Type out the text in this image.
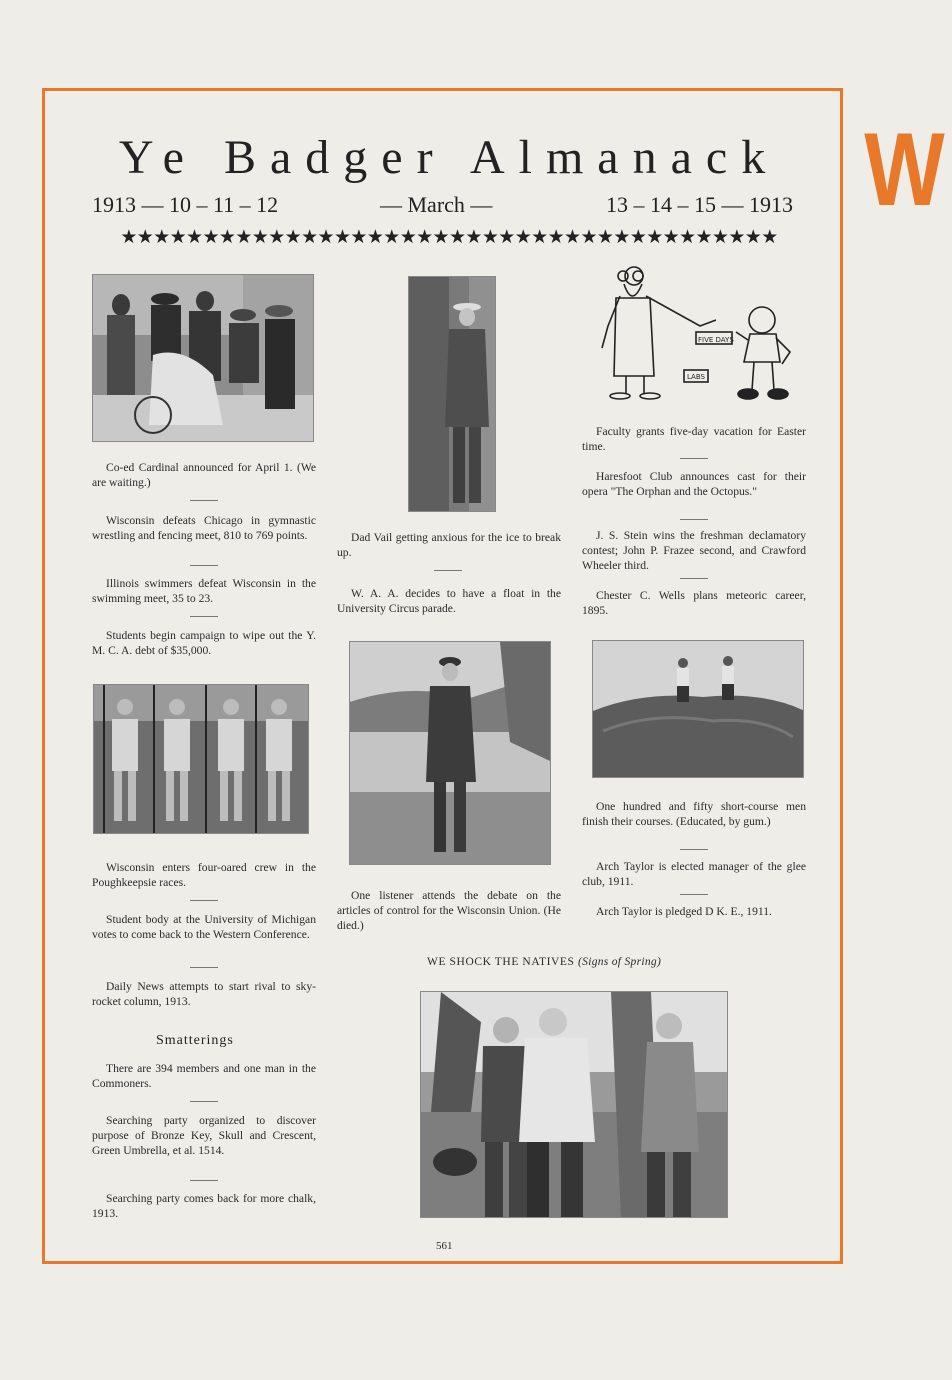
W
Ye Badger Almanack
1913 — 10 – 11 – 12	— March —	13 – 14 – 15 — 1913
★★★★★★★★★★★★★★★★★★★★★★★★★★★★★★★★★★★★★★★★
FIVE DAYS
LABS
Co-ed Cardinal announced for April 1. (We are waiting.)
Wisconsin defeats Chicago in gymnastic wrestling and fencing meet, 810 to 769 points.
Illinois swimmers defeat Wisconsin in the swimming meet, 35 to 23.
Students begin campaign to wipe out the Y. M. C. A. debt of $35,000.
Wisconsin enters four-oared crew in the Poughkeepsie races.
Student body at the University of Michigan votes to come back to the Western Conference.
Daily News attempts to start rival to sky-rocket column, 1913.
Smatterings
There are 394 members and one man in the Commoners.
Searching party organized to discover purpose of Bronze Key, Skull and Crescent, Green Umbrella, et al. 1514.
Searching party comes back for more chalk, 1913.
Dad Vail getting anxious for the ice to break up.
W. A. A. decides to have a float in the University Circus parade.
One listener attends the debate on the articles of control for the Wisconsin Union. (He died.)
Faculty grants five-day vacation for Easter time.
Haresfoot Club announces cast for their opera "The Orphan and the Octopus."
J. S. Stein wins the freshman declamatory contest; John P. Frazee second, and Crawford Wheeler third.
Chester C. Wells plans meteoric career, 1895.
One hundred and fifty short-course men finish their courses. (Educated, by gum.)
Arch Taylor is elected manager of the glee club, 1911.
Arch Taylor is pledged D K. E., 1911.
WE SHOCK THE NATIVES (Signs of Spring)
561
